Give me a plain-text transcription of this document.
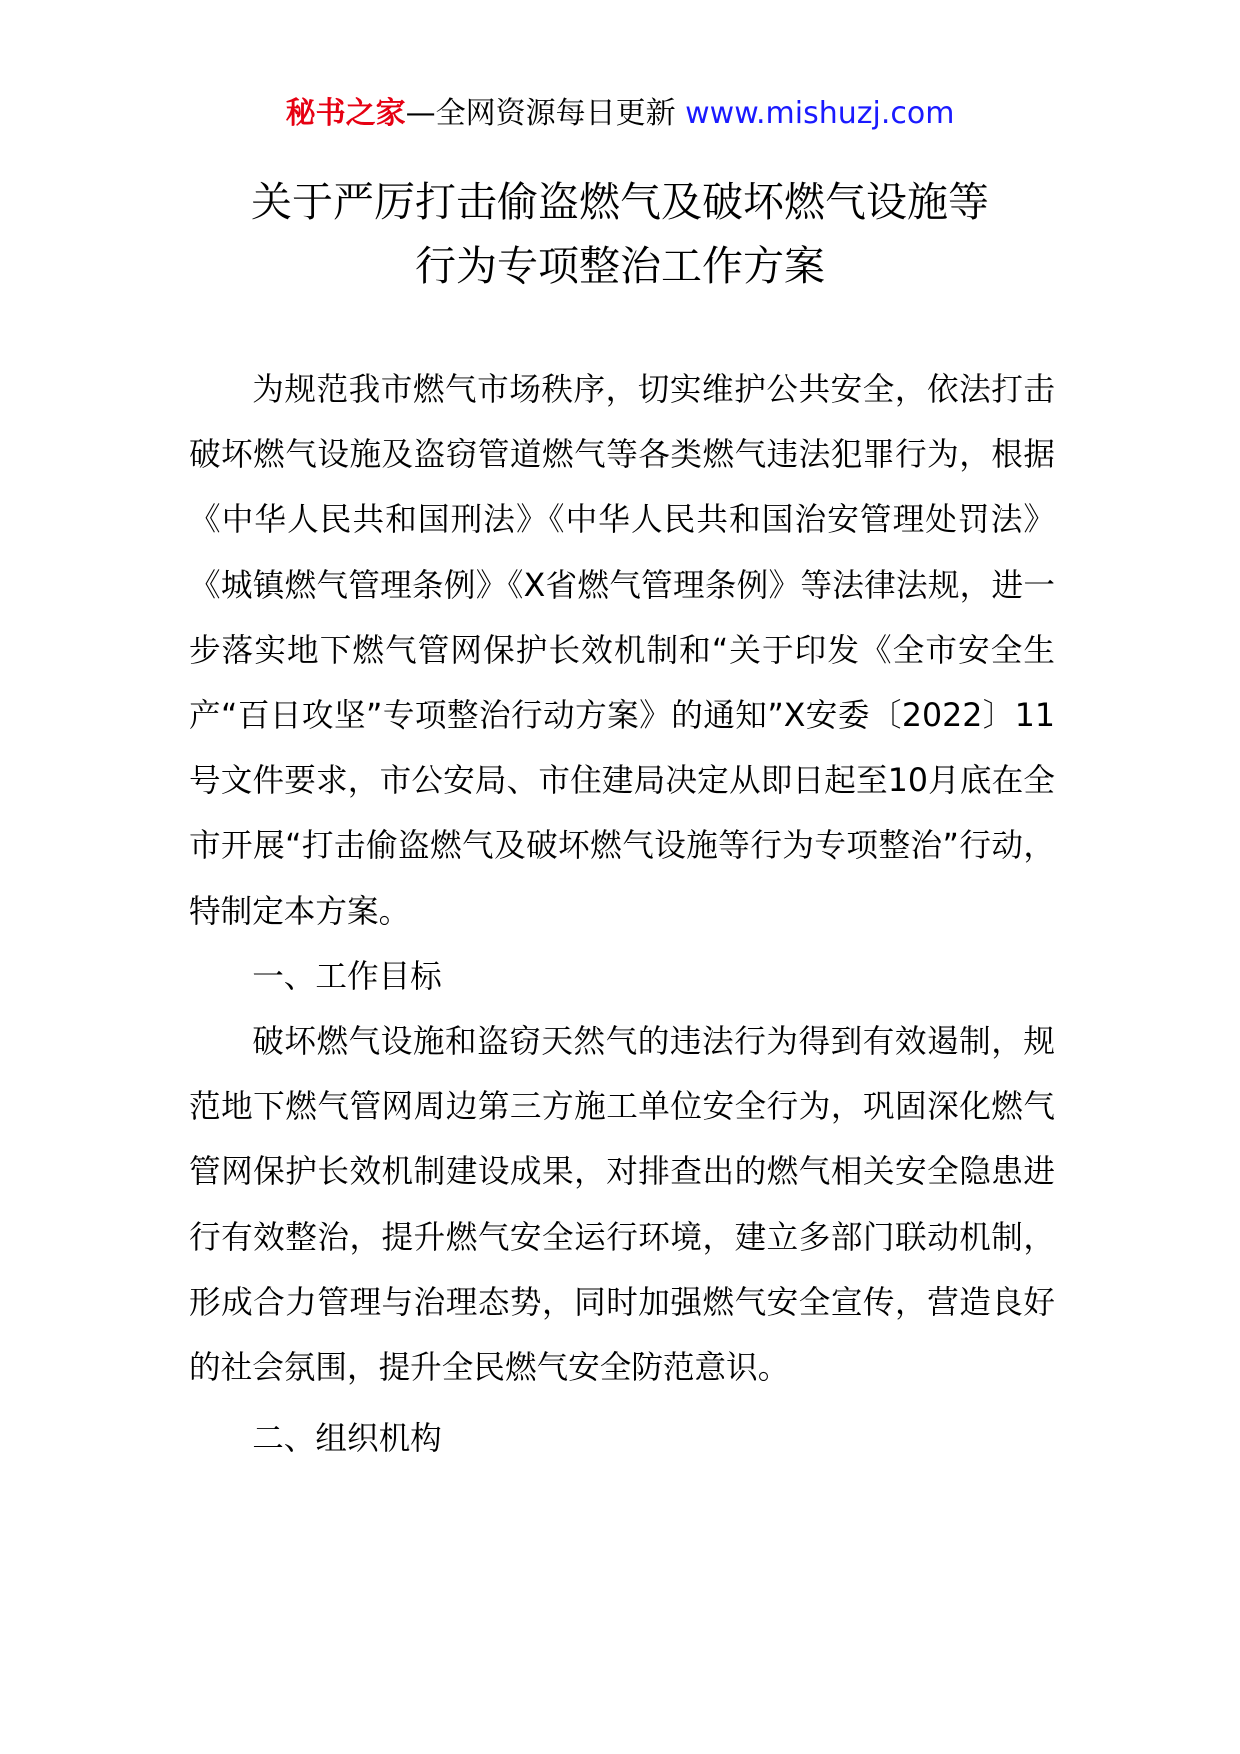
秘书之家—全网资源每日更新 www.mishuzj.com
关于严厉打击偷盗燃气及破坏燃气设施等
行为专项整治工作方案

为规范我市燃气市场秩序，切实维护公共安全，依法打击破坏燃气设施及盗窃管道燃气等各类燃气违法犯罪行为，根据《中华人民共和国刑法》《中华人民共和国治安管理处罚法》《城镇燃气管理条例》《X省燃气管理条例》等法律法规，进一步落实地下燃气管网保护长效机制和“关于印发《全市安全生产“百日攻坚”专项整治行动方案》的通知”X安委〔2022〕11号文件要求，市公安局、市住建局决定从即日起至10月底在全市开展“打击偷盗燃气及破坏燃气设施等行为专项整治”行动，特制定本方案。

一、工作目标

破坏燃气设施和盗窃天然气的违法行为得到有效遏制，规范地下燃气管网周边第三方施工单位安全行为，巩固深化燃气管网保护长效机制建设成果，对排查出的燃气相关安全隐患进行有效整治，提升燃气安全运行环境，建立多部门联动机制，形成合力管理与治理态势，同时加强燃气安全宣传，营造良好的社会氛围，提升全民燃气安全防范意识。

二、组织机构
